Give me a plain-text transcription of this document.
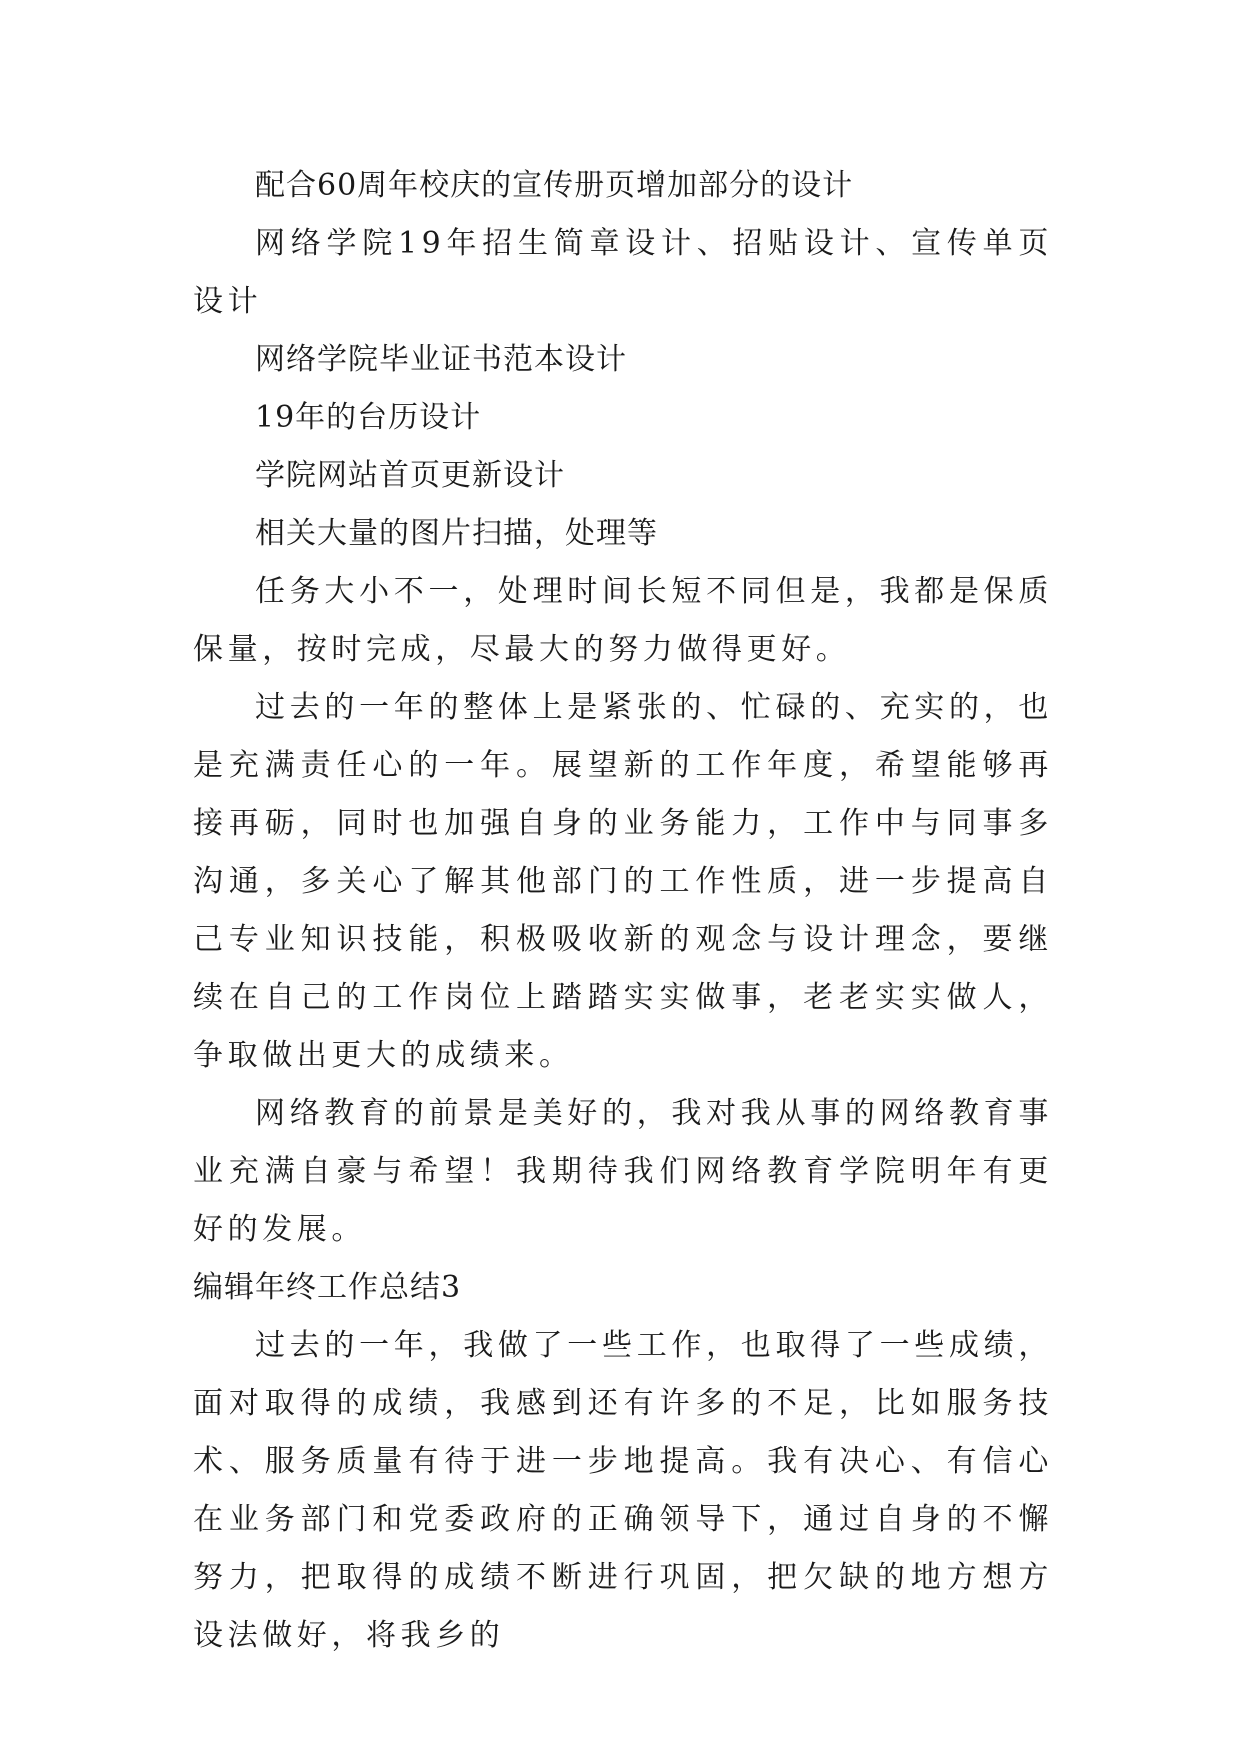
配合60周年校庆的宣传册页增加部分的设计

网络学院19年招生简章设计、招贴设计、宣传单页设计

网络学院毕业证书范本设计
19年的台历设计
学院网站首页更新设计
相关大量的图片扫描，处理等

任务大小不一，处理时间长短不同但是，我都是保质保量，按时完成，尽最大的努力做得更好。

过去的一年的整体上是紧张的、忙碌的、充实的，也是充满责任心的一年。展望新的工作年度，希望能够再接再砺，同时也加强自身的业务能力，工作中与同事多沟通，多关心了解其他部门的工作性质，进一步提高自己专业知识技能，积极吸收新的观念与设计理念，要继续在自己的工作岗位上踏踏实实做事，老老实实做人，争取做出更大的成绩来。

网络教育的前景是美好的，我对我从事的网络教育事业充满自豪与希望！我期待我们网络教育学院明年有更好的发展。

编辑年终工作总结3

过去的一年，我做了一些工作，也取得了一些成绩，面对取得的成绩，我感到还有许多的不足，比如服务技术、服务质量有待于进一步地提高。我有决心、有信心在业务部门和党委政府的正确领导下，通过自身的不懈努力，把取得的成绩不断进行巩固，把欠缺的地方想方设法做好，将我乡的
